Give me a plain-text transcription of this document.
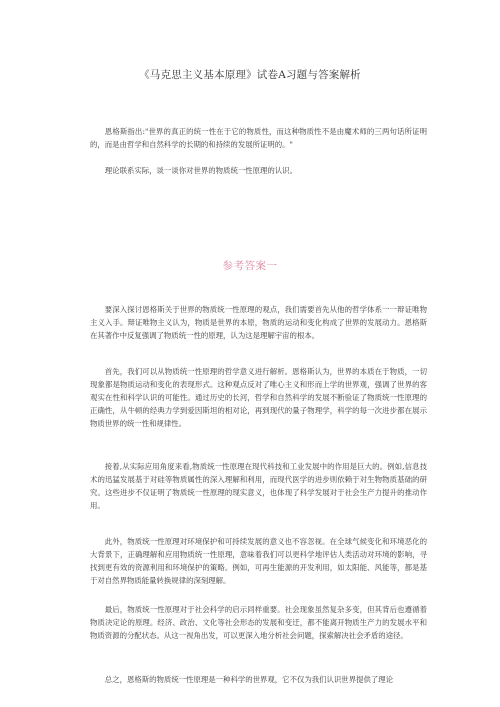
《马克思主义基本原理》试卷A习题与答案解析

恩格斯指出:"世界的真正的统一性在于它的物质性，而这种物质性不是由魔术师的三两句话所证明的，而是由哲学和自然科学的长期的和持续的发展所证明的。"

理论联系实际，谈一谈你对世界的物质统一性原理的认识。

参考答案一

要深入探讨恩格斯关于世界的物质统一性原理的观点，我们需要首先从他的哲学体系一一辩证唯物主义入手。辩证唯物主义认为，物质是世界的本原，物质的运动和变化构成了世界的发展动力。恩格斯在其著作中反复强调了物质统一性的原理，认为这是理解宇宙的根本。

首先，我们可以从物质统一性原理的哲学意义进行解析。恩格斯认为，世界的本质在于物质，一切现象都是物质运动和变化的表现形式。这种观点反对了唯心主义和形而上学的世界观，强调了世界的客观实在性和科学认识的可能性。通过历史的长河，哲学和自然科学的发展不断验证了物质统一性原理的正确性，从牛顿的经典力学到爱因斯坦的相对论，再到现代的量子物理学，科学的每一次进步都在展示物质世界的统一性和规律性。

接着,从实际应用角度来看,物质统一性原理在现代科技和工业发展中的作用是巨大的。例如,信息技术的迅猛发展基于对硅等物质属性的深入理解和利用，而现代医学的进步则依赖于对生物物质基础的研究。这些进步不仅证明了物质统一性原理的现实意义，也体现了科学发展对于社会生产力提升的推动作用。

此外，物质统一性原理对环境保护和可持续发展的意义也不容忽视。在全球气候变化和环境恶化的大背景下，正确理解和应用物质统一性原理，意味着我们可以更科学地评估人类活动对环境的影响，寻找到更有效的资源利用和环境保护的策略。例如，可再生能源的开发利用，如太阳能、风能等，都是基于对自然界物质能量转换规律的深刻理解。

最后，物质统一性原理对于社会科学的启示同样重要。社会现象虽然复杂多变，但其背后也遵循着物质决定论的原理。经济、政治、文化等社会形态的发展和变迁，都不能离开物质生产力的发展水平和物质资源的分配状态。从这一视角出发，可以更深入地分析社会问题，探索解决社会矛盾的途径。

总之，恩格斯的物质统一性原理是一种科学的世界观，它不仅为我们认识世界提供了理论
